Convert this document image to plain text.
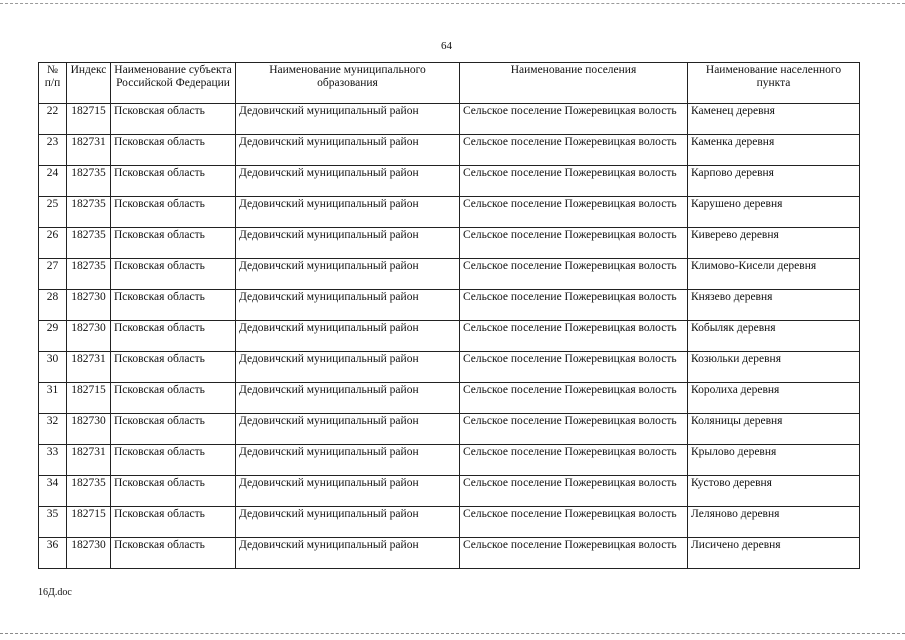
64
№ п/п	Индекс	Наименование субъекта Российской Федерации	Наименование муниципального образования	Наименование поселения	Наименование населенного пункта
22	182715	Псковская область	Дедовичский муниципальный район	Сельское поселение Пожеревицкая волость	Каменец деревня
23	182731	Псковская область	Дедовичский муниципальный район	Сельское поселение Пожеревицкая волость	Каменка деревня
24	182735	Псковская область	Дедовичский муниципальный район	Сельское поселение Пожеревицкая волость	Карпово деревня
25	182735	Псковская область	Дедовичский муниципальный район	Сельское поселение Пожеревицкая волость	Карушено деревня
26	182735	Псковская область	Дедовичский муниципальный район	Сельское поселение Пожеревицкая волость	Киверево деревня
27	182735	Псковская область	Дедовичский муниципальный район	Сельское поселение Пожеревицкая волость	Климово-Кисели деревня
28	182730	Псковская область	Дедовичский муниципальный район	Сельское поселение Пожеревицкая волость	Князево деревня
29	182730	Псковская область	Дедовичский муниципальный район	Сельское поселение Пожеревицкая волость	Кобыляк деревня
30	182731	Псковская область	Дедовичский муниципальный район	Сельское поселение Пожеревицкая волость	Козюльки деревня
31	182715	Псковская область	Дедовичский муниципальный район	Сельское поселение Пожеревицкая волость	Королиха деревня
32	182730	Псковская область	Дедовичский муниципальный район	Сельское поселение Пожеревицкая волость	Коляницы деревня
33	182731	Псковская область	Дедовичский муниципальный район	Сельское поселение Пожеревицкая волость	Крылово деревня
34	182735	Псковская область	Дедовичский муниципальный район	Сельское поселение Пожеревицкая волость	Кустово деревня
35	182715	Псковская область	Дедовичский муниципальный район	Сельское поселение Пожеревицкая волость	Леляново деревня
36	182730	Псковская область	Дедовичский муниципальный район	Сельское поселение Пожеревицкая волость	Лисичено деревня
16Д.doc
